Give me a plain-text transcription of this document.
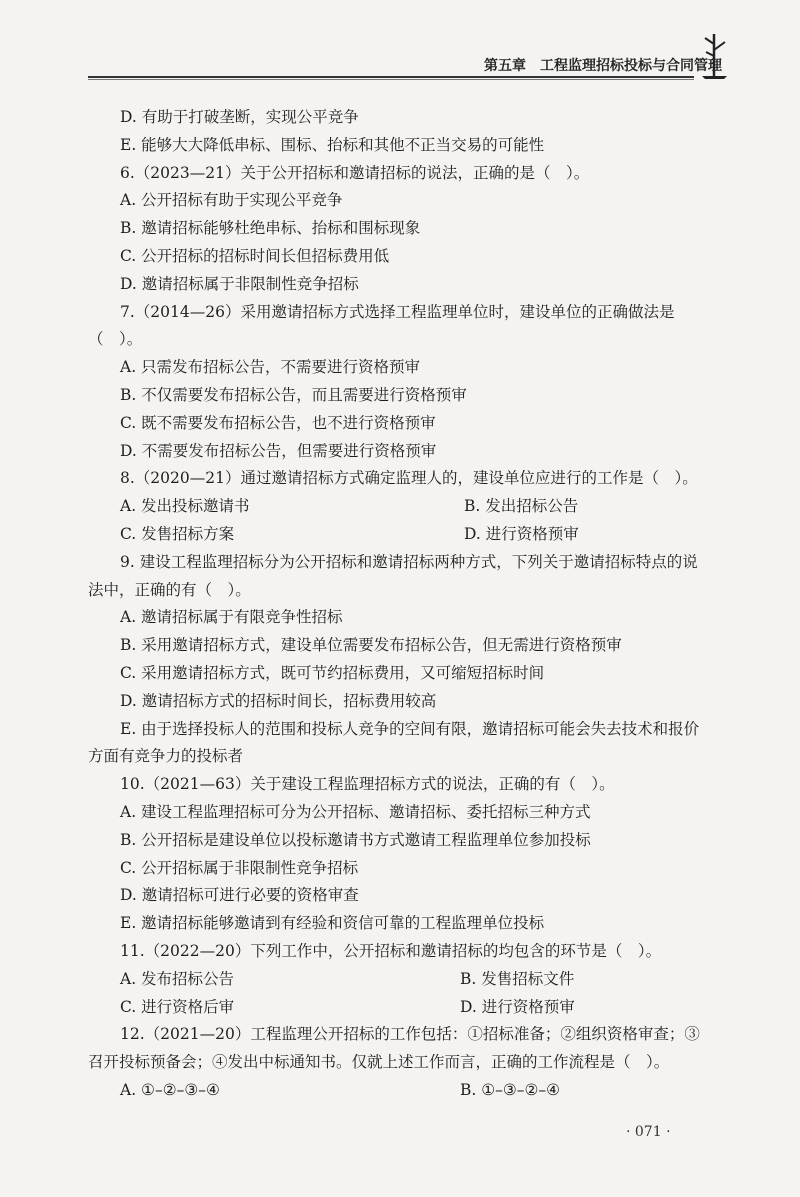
第五章　工程监理招标投标与合同管理
D. 有助于打破垄断，实现公平竞争
E. 能够大大降低串标、围标、抬标和其他不正当交易的可能性
6.（2023—21）关于公开招标和邀请招标的说法，正确的是（　）。
A. 公开招标有助于实现公平竞争
B. 邀请招标能够杜绝串标、抬标和围标现象
C. 公开招标的招标时间长但招标费用低
D. 邀请招标属于非限制性竞争招标
7.（2014—26）采用邀请招标方式选择工程监理单位时，建设单位的正确做法是（　）。
A. 只需发布招标公告，不需要进行资格预审
B. 不仅需要发布招标公告，而且需要进行资格预审
C. 既不需要发布招标公告，也不进行资格预审
D. 不需要发布招标公告，但需要进行资格预审
8.（2020—21）通过邀请招标方式确定监理人的，建设单位应进行的工作是（　）。
A. 发出投标邀请书	B. 发出招标公告
C. 发售招标方案	D. 进行资格预审
9. 建设工程监理招标分为公开招标和邀请招标两种方式，下列关于邀请招标特点的说法中，正确的有（　）。
A. 邀请招标属于有限竞争性招标
B. 采用邀请招标方式，建设单位需要发布招标公告，但无需进行资格预审
C. 采用邀请招标方式，既可节约招标费用，又可缩短招标时间
D. 邀请招标方式的招标时间长，招标费用较高
E. 由于选择投标人的范围和投标人竞争的空间有限，邀请招标可能会失去技术和报价方面有竞争力的投标者
10.（2021—63）关于建设工程监理招标方式的说法，正确的有（　）。
A. 建设工程监理招标可分为公开招标、邀请招标、委托招标三种方式
B. 公开招标是建设单位以投标邀请书方式邀请工程监理单位参加投标
C. 公开招标属于非限制性竞争招标
D. 邀请招标可进行必要的资格审查
E. 邀请招标能够邀请到有经验和资信可靠的工程监理单位投标
11.（2022—20）下列工作中，公开招标和邀请招标的均包含的环节是（　）。
A. 发布招标公告	B. 发售招标文件
C. 进行资格后审	D. 进行资格预审
12.（2021—20）工程监理公开招标的工作包括：①招标准备；②组织资格审查；③召开投标预备会；④发出中标通知书。仅就上述工作而言，正确的工作流程是（　）。
A. ①–②–③–④	B. ①–③–②–④
· 071 ·
